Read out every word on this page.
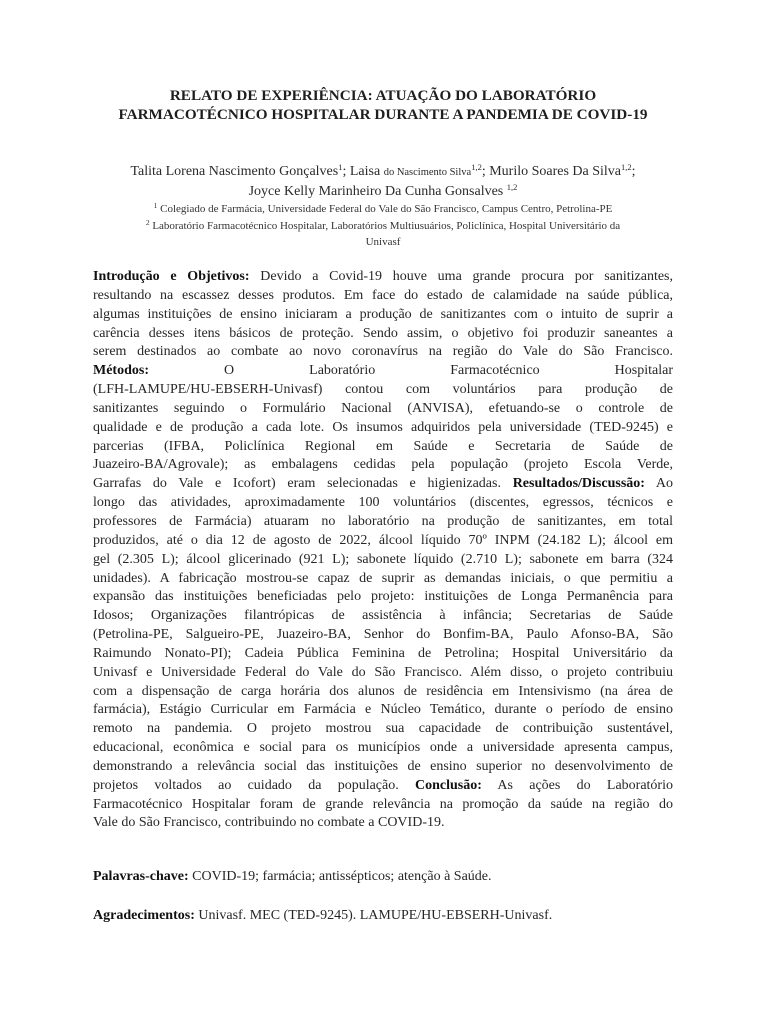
RELATO DE EXPERIÊNCIA: ATUAÇÃO DO LABORATÓRIO
FARMACOTÉCNICO HOSPITALAR DURANTE A PANDEMIA DE COVID-19
Talita Lorena Nascimento Gonçalves$^1$; Laisa do Nascimento Silva$^{1,2}$; Murilo Soares Da Silva$^{1,2}$;
Joyce Kelly Marinheiro Da Cunha Gonsalves $^{1,2}$
$^1$ Colegiado de Farmácia, Universidade Federal do Vale do São Francisco, Campus Centro, Petrolina-PE
$^2$ Laboratório Farmacotécnico Hospitalar, Laboratórios Multiusuários, Policlínica, Hospital Universitário da
Univasf
Introdução e Objetivos: Devido a Covid-19 houve uma grande procura por sanitizantes,
resultando na escassez desses produtos. Em face do estado de calamidade na saúde pública,
algumas instituições de ensino iniciaram a produção de sanitizantes com o intuito de suprir a
carência desses itens básicos de proteção. Sendo assim, o objetivo foi produzir saneantes a
serem destinados ao combate ao novo coronavírus na região do Vale do São Francisco.
Métodos: O Laboratório Farmacotécnico Hospitalar
(LFH-LAMUPE/HU-EBSERH-Univasf) contou com voluntários para produção de
sanitizantes seguindo o Formulário Nacional (ANVISA), efetuando-se o controle de
qualidade e de produção a cada lote. Os insumos adquiridos pela universidade (TED-9245) e
parcerias (IFBA, Policlínica Regional em Saúde e Secretaria de Saúde de
Juazeiro-BA/Agrovale); as embalagens cedidas pela população (projeto Escola Verde,
Garrafas do Vale e Icofort) eram selecionadas e higienizadas. Resultados/Discussão: Ao
longo das atividades, aproximadamente 100 voluntários (discentes, egressos, técnicos e
professores de Farmácia) atuaram no laboratório na produção de sanitizantes, em total
produzidos, até o dia 12 de agosto de 2022, álcool líquido 70º INPM (24.182 L); álcool em
gel (2.305 L); álcool glicerinado (921 L); sabonete líquido (2.710 L); sabonete em barra (324
unidades). A fabricação mostrou-se capaz de suprir as demandas iniciais, o que permitiu a
expansão das instituições beneficiadas pelo projeto: instituições de Longa Permanência para
Idosos; Organizações filantrópicas de assistência à infância; Secretarias de Saúde
(Petrolina-PE, Salgueiro-PE, Juazeiro-BA, Senhor do Bonfim-BA, Paulo Afonso-BA, São
Raimundo Nonato-PI); Cadeia Pública Feminina de Petrolina; Hospital Universitário da
Univasf e Universidade Federal do Vale do São Francisco. Além disso, o projeto contribuiu
com a dispensação de carga horária dos alunos de residência em Intensivismo (na área de
farmácia), Estágio Curricular em Farmácia e Núcleo Temático, durante o período de ensino
remoto na pandemia. O projeto mostrou sua capacidade de contribuição sustentável,
educacional, econômica e social para os municípios onde a universidade apresenta campus,
demonstrando a relevância social das instituições de ensino superior no desenvolvimento de
projetos voltados ao cuidado da população. Conclusão: As ações do Laboratório
Farmacotécnico Hospitalar foram de grande relevância na promoção da saúde na região do
Vale do São Francisco, contribuindo no combate a COVID-19.
Palavras-chave: COVID-19; farmácia; antissépticos; atenção à Saúde.
Agradecimentos: Univasf. MEC (TED-9245). LAMUPE/HU-EBSERH-Univasf.
